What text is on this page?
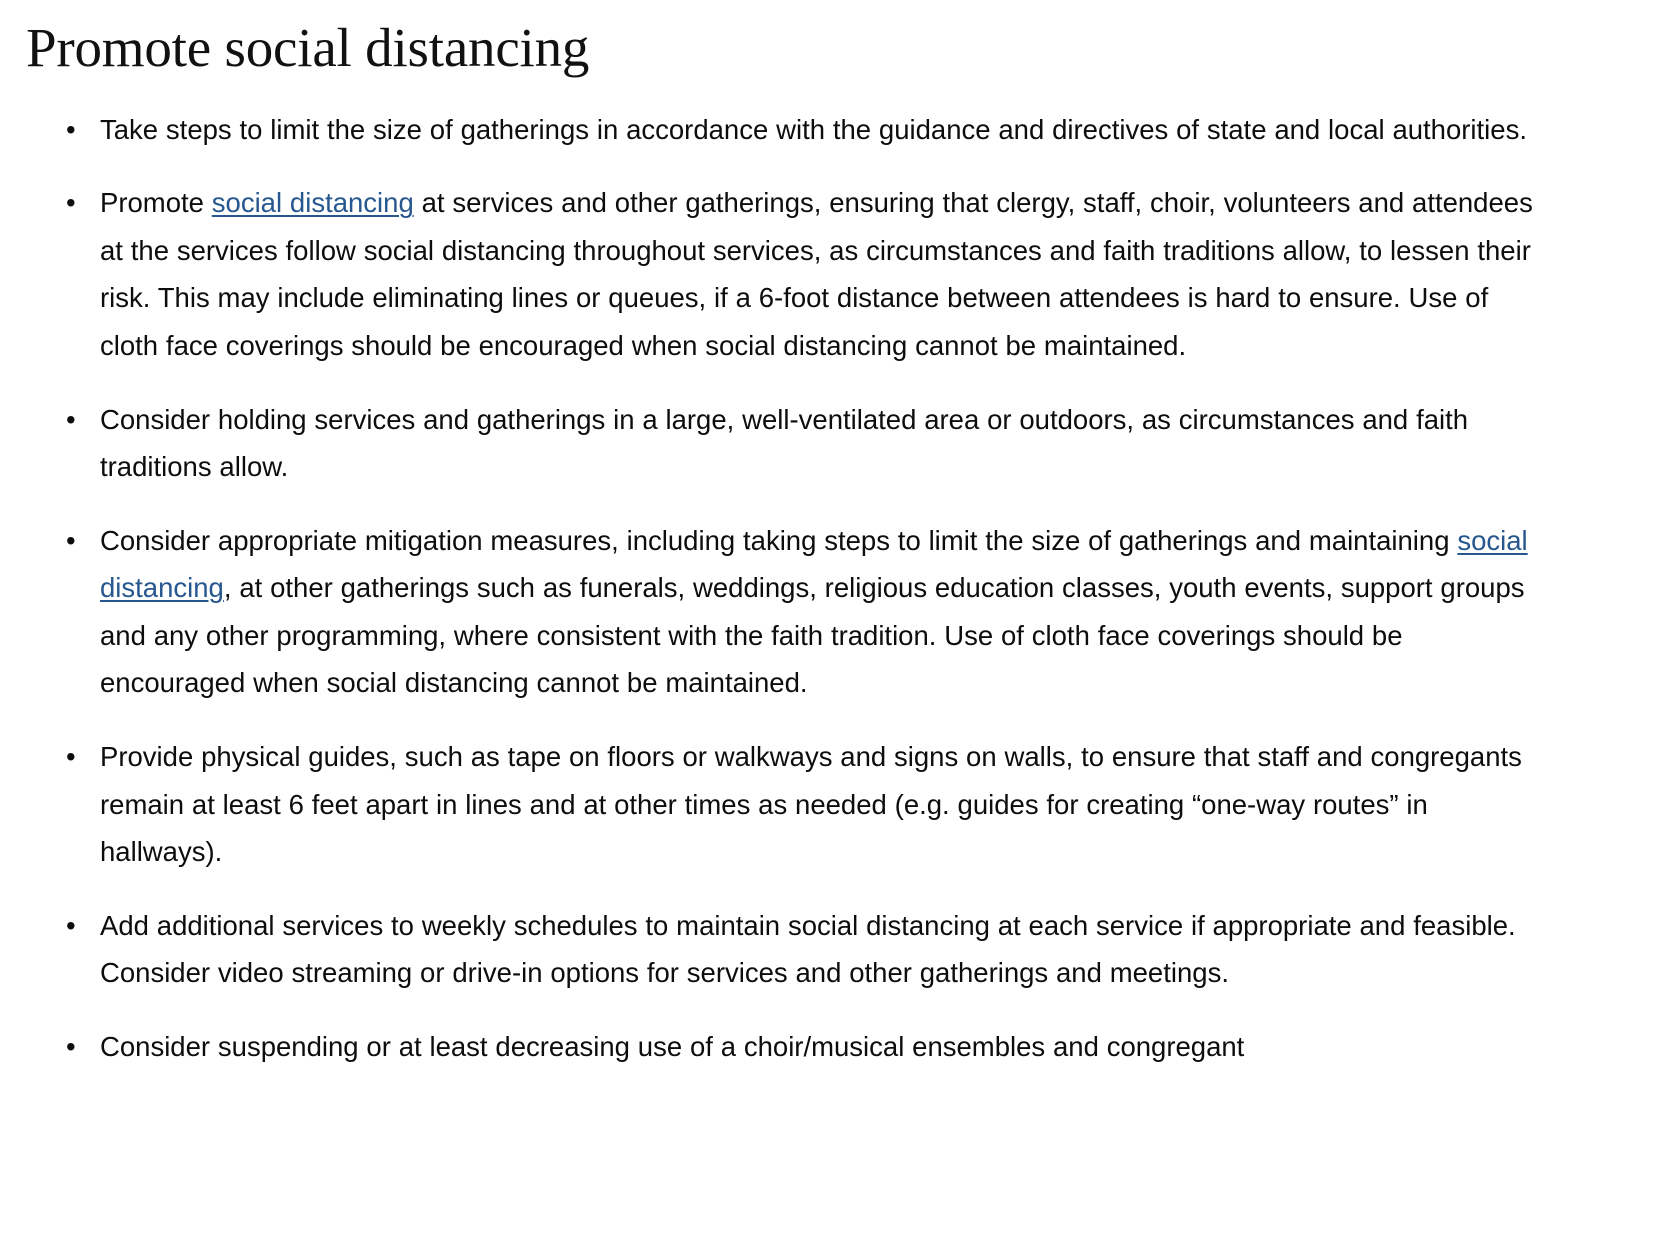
Promote social distancing
•
Take steps to limit the size of gatherings in accordance with the guidance and directives of state and local authorities.
•
Promote social distancing at services and other gatherings, ensuring that clergy, staff, choir, volunteers and attendees at the services follow social distancing throughout services, as circumstances and faith traditions allow, to lessen their risk. This may include eliminating lines or queues, if a 6-foot distance between attendees is hard to ensure. Use of cloth face coverings should be encouraged when social distancing cannot be maintained.
•
Consider holding services and gatherings in a large, well-ventilated area or outdoors, as circumstances and faith traditions allow.
•
Consider appropriate mitigation measures, including taking steps to limit the size of gatherings and maintaining social distancing, at other gatherings such as funerals, weddings, religious education classes, youth events, support groups and any other programming, where consistent with the faith tradition. Use of cloth face coverings should be encouraged when social distancing cannot be maintained.
•
Provide physical guides, such as tape on floors or walkways and signs on walls, to ensure that staff and congregants remain at least 6 feet apart in lines and at other times as needed (e.g. guides for creating “one-way routes” in hallways).
•
Add additional services to weekly schedules to maintain social distancing at each service if appropriate and feasible. Consider video streaming or drive-in options for services and other gatherings and meetings.
•
Consider suspending or at least decreasing use of a choir/musical ensembles and congregant
